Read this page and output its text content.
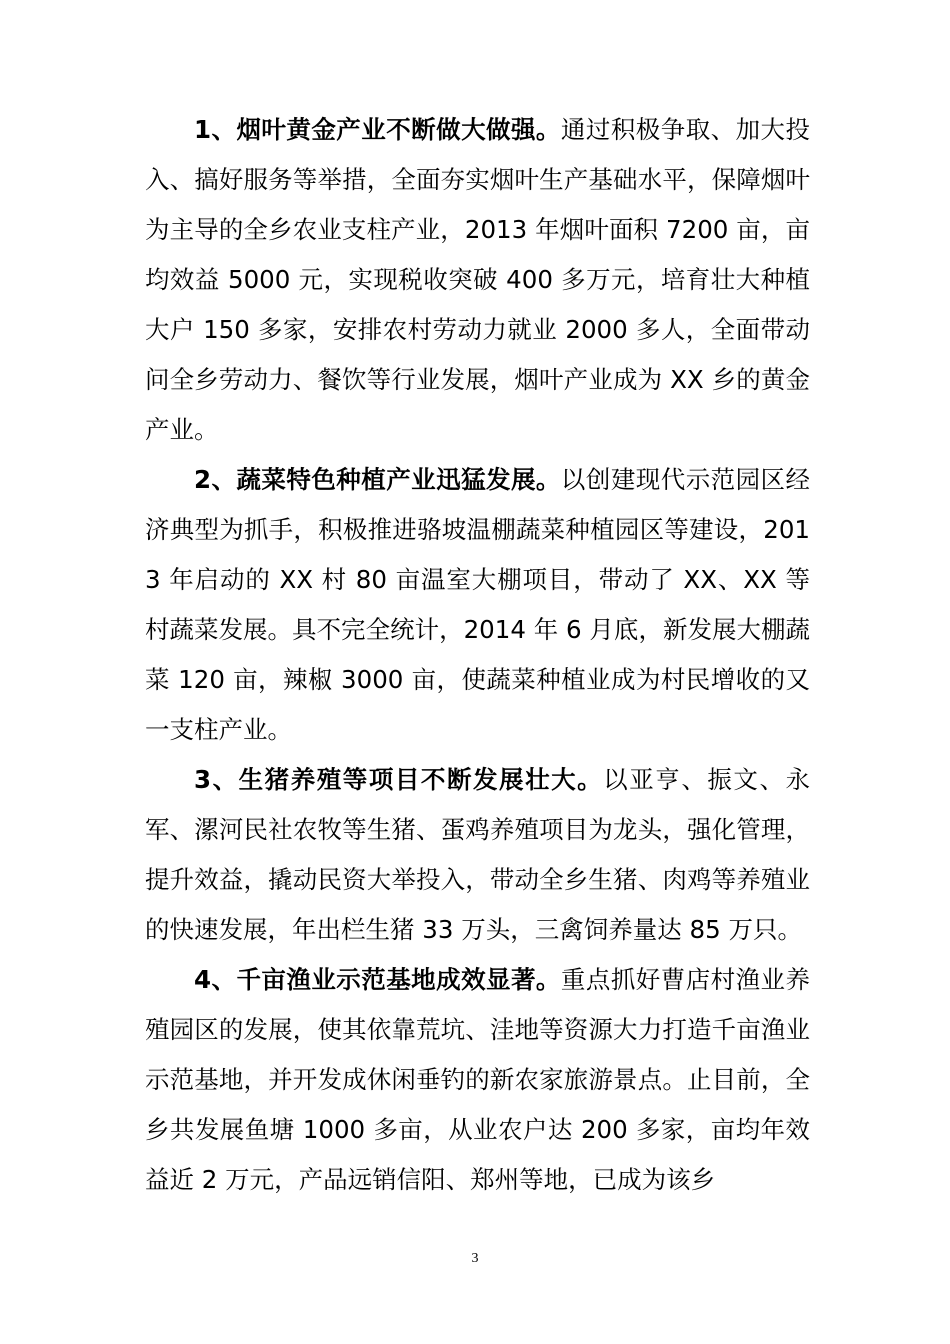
1、烟叶黄金产业不断做大做强。通过积极争取、加大投入、搞好服务等举措，全面夯实烟叶生产基础水平，保障烟叶为主导的全乡农业支柱产业，2013 年烟叶面积 7200 亩，亩均效益 5000 元，实现税收突破 400 多万元，培育壮大种植大户 150 多家，安排农村劳动力就业 2000 多人，全面带动问全乡劳动力、餐饮等行业发展，烟叶产业成为 XX 乡的黄金产业。

2、蔬菜特色种植产业迅猛发展。以创建现代示范园区经济典型为抓手，积极推进骆坡温棚蔬菜种植园区等建设，2013 年启动的 XX 村 80 亩温室大棚项目，带动了 XX、XX 等村蔬菜发展。具不完全统计，2014 年 6 月底，新发展大棚蔬菜 120 亩，辣椒 3000 亩，使蔬菜种植业成为村民增收的又一支柱产业。

3、生猪养殖等项目不断发展壮大。以亚亨、振文、永军、漯河民社农牧等生猪、蛋鸡养殖项目为龙头，强化管理，提升效益，撬动民资大举投入，带动全乡生猪、肉鸡等养殖业的快速发展，年出栏生猪 33 万头，三禽饲养量达 85 万只。

4、千亩渔业示范基地成效显著。重点抓好曹店村渔业养殖园区的发展，使其依靠荒坑、洼地等资源大力打造千亩渔业示范基地，并开发成休闲垂钓的新农家旅游景点。止目前，全乡共发展鱼塘 1000 多亩，从业农户达 200 多家，亩均年效益近 2 万元，产品远销信阳、郑州等地，已成为该乡

3
